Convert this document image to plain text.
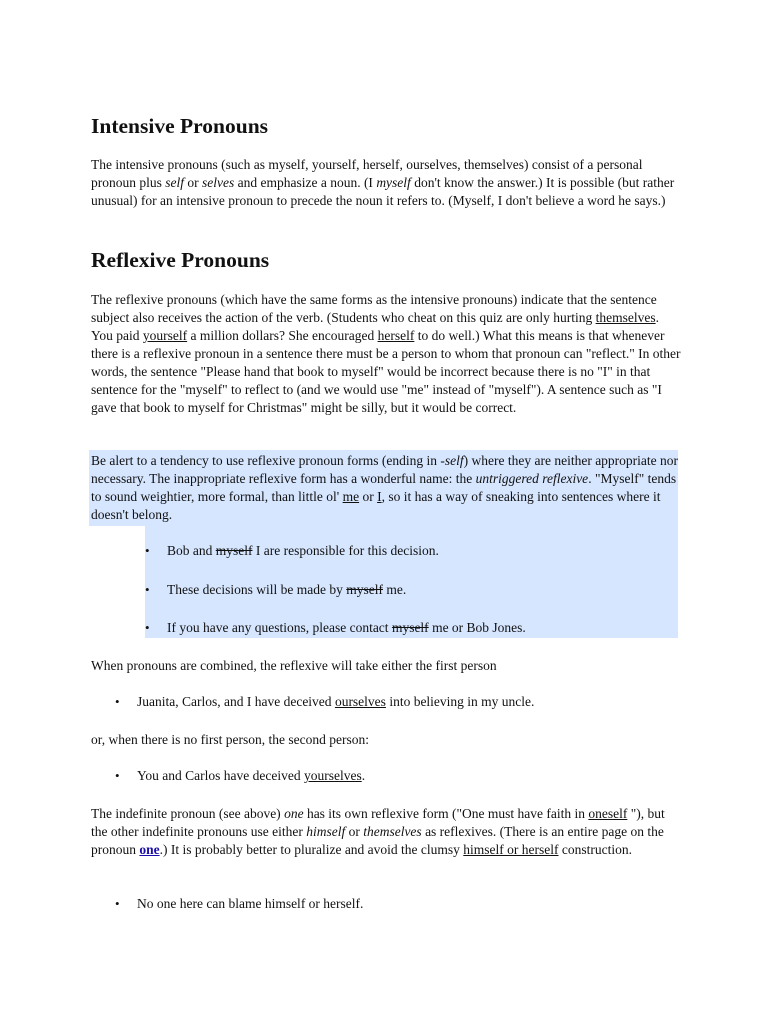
Intensive Pronouns

The intensive pronouns (such as myself, yourself, herself, ourselves, themselves) consist of a personal pronoun plus self or selves and emphasize a noun. (I myself don't know the answer.) It is possible (but rather unusual) for an intensive pronoun to precede the noun it refers to. (Myself, I don't believe a word he says.)

Reflexive Pronouns

The reflexive pronouns (which have the same forms as the intensive pronouns) indicate that the sentence subject also receives the action of the verb. (Students who cheat on this quiz are only hurting themselves. You paid yourself a million dollars? She encouraged herself to do well.) What this means is that whenever there is a reflexive pronoun in a sentence there must be a person to whom that pronoun can "reflect." In other words, the sentence "Please hand that book to myself" would be incorrect because there is no "I" in that sentence for the "myself" to reflect to (and we would use "me" instead of "myself"). A sentence such as "I gave that book to myself for Christmas" might be silly, but it would be correct.

Be alert to a tendency to use reflexive pronoun forms (ending in -self) where they are neither appropriate nor necessary. The inappropriate reflexive form has a wonderful name: the untriggered reflexive. "Myself" tends to sound weightier, more formal, than little ol' me or I, so it has a way of sneaking into sentences where it doesn't belong.

• Bob and myself I are responsible for this decision.
• These decisions will be made by myself me.
• If you have any questions, please contact myself me or Bob Jones.

When pronouns are combined, the reflexive will take either the first person

• Juanita, Carlos, and I have deceived ourselves into believing in my uncle.

or, when there is no first person, the second person:

• You and Carlos have deceived yourselves.

The indefinite pronoun (see above) one has its own reflexive form ("One must have faith in oneself "), but the other indefinite pronouns use either himself or themselves as reflexives. (There is an entire page on the pronoun one.) It is probably better to pluralize and avoid the clumsy himself or herself construction.

• No one here can blame himself or herself.
